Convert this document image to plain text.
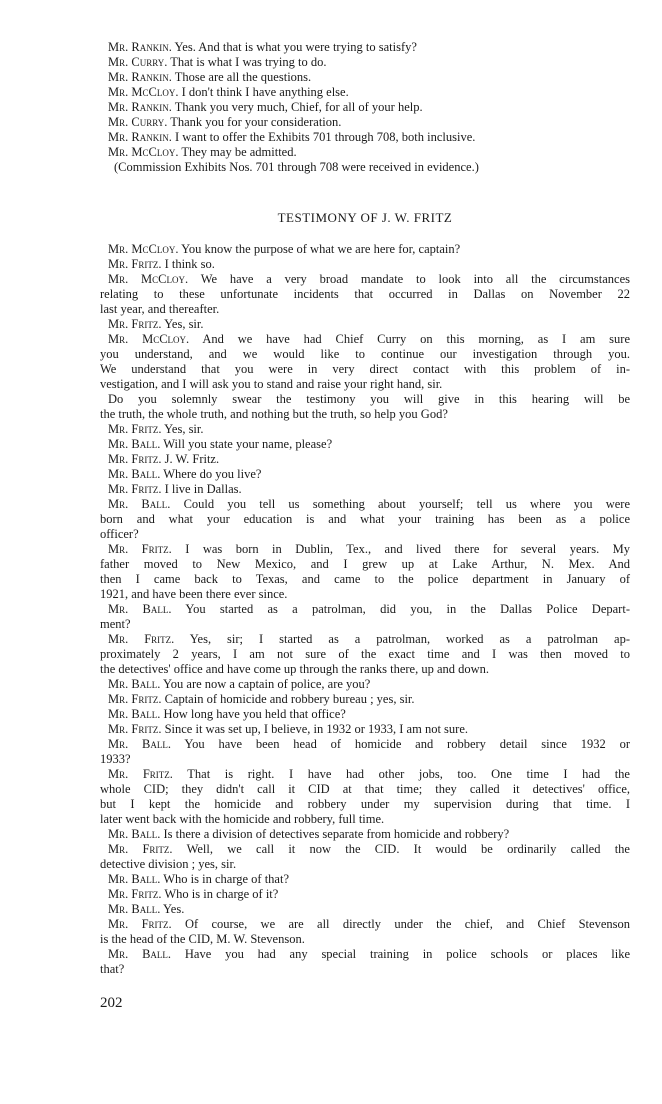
Mr. Rankin. Yes. And that is what you were trying to satisfy?
Mr. Curry. That is what I was trying to do.
Mr. Rankin. Those are all the questions.
Mr. McCloy. I don't think I have anything else.
Mr. Rankin. Thank you very much, Chief, for all of your help.
Mr. Curry. Thank you for your consideration.
Mr. Rankin. I want to offer the Exhibits 701 through 708, both inclusive.
Mr. McCloy. They may be admitted.
(Commission Exhibits Nos. 701 through 708 were received in evidence.)
TESTIMONY OF J. W. FRITZ
Mr. McCloy. You know the purpose of what we are here for, captain?
Mr. Fritz. I think so.
Mr. McCloy. We have a very broad mandate to look into all the circumstances
relating to these unfortunate incidents that occurred in Dallas on November 22
last year, and thereafter.
Mr. Fritz. Yes, sir.
Mr. McCloy. And we have had Chief Curry on this morning, as I am sure
you understand, and we would like to continue our investigation through you.
We understand that you were in very direct contact with this problem of in-
vestigation, and I will ask you to stand and raise your right hand, sir.
Do you solemnly swear the testimony you will give in this hearing will be
the truth, the whole truth, and nothing but the truth, so help you God?
Mr. Fritz. Yes, sir.
Mr. Ball. Will you state your name, please?
Mr. Fritz. J. W. Fritz.
Mr. Ball. Where do you live?
Mr. Fritz. I live in Dallas.
Mr. Ball. Could you tell us something about yourself; tell us where you were
born and what your education is and what your training has been as a police
officer?
Mr. Fritz. I was born in Dublin, Tex., and lived there for several years. My
father moved to New Mexico, and I grew up at Lake Arthur, N. Mex. And
then I came back to Texas, and came to the police department in January of
1921, and have been there ever since.
Mr. Ball. You started as a patrolman, did you, in the Dallas Police Depart-
ment?
Mr. Fritz. Yes, sir; I started as a patrolman, worked as a patrolman ap-
proximately 2 years, I am not sure of the exact time and I was then moved to
the detectives' office and have come up through the ranks there, up and down.
Mr. Ball. You are now a captain of police, are you?
Mr. Fritz. Captain of homicide and robbery bureau ; yes, sir.
Mr. Ball. How long have you held that office?
Mr. Fritz. Since it was set up, I believe, in 1932 or 1933, I am not sure.
Mr. Ball. You have been head of homicide and robbery detail since 1932 or
1933?
Mr. Fritz. That is right. I have had other jobs, too. One time I had the
whole CID; they didn't call it CID at that time; they called it detectives' office,
but I kept the homicide and robbery under my supervision during that time. I
later went back with the homicide and robbery, full time.
Mr. Ball. Is there a division of detectives separate from homicide and robbery?
Mr. Fritz. Well, we call it now the CID. It would be ordinarily called the
detective division ; yes, sir.
Mr. Ball. Who is in charge of that?
Mr. Fritz. Who is in charge of it?
Mr. Ball. Yes.
Mr. Fritz. Of course, we are all directly under the chief, and Chief Stevenson
is the head of the CID, M. W. Stevenson.
Mr. Ball. Have you had any special training in police schools or places like
that?
202
